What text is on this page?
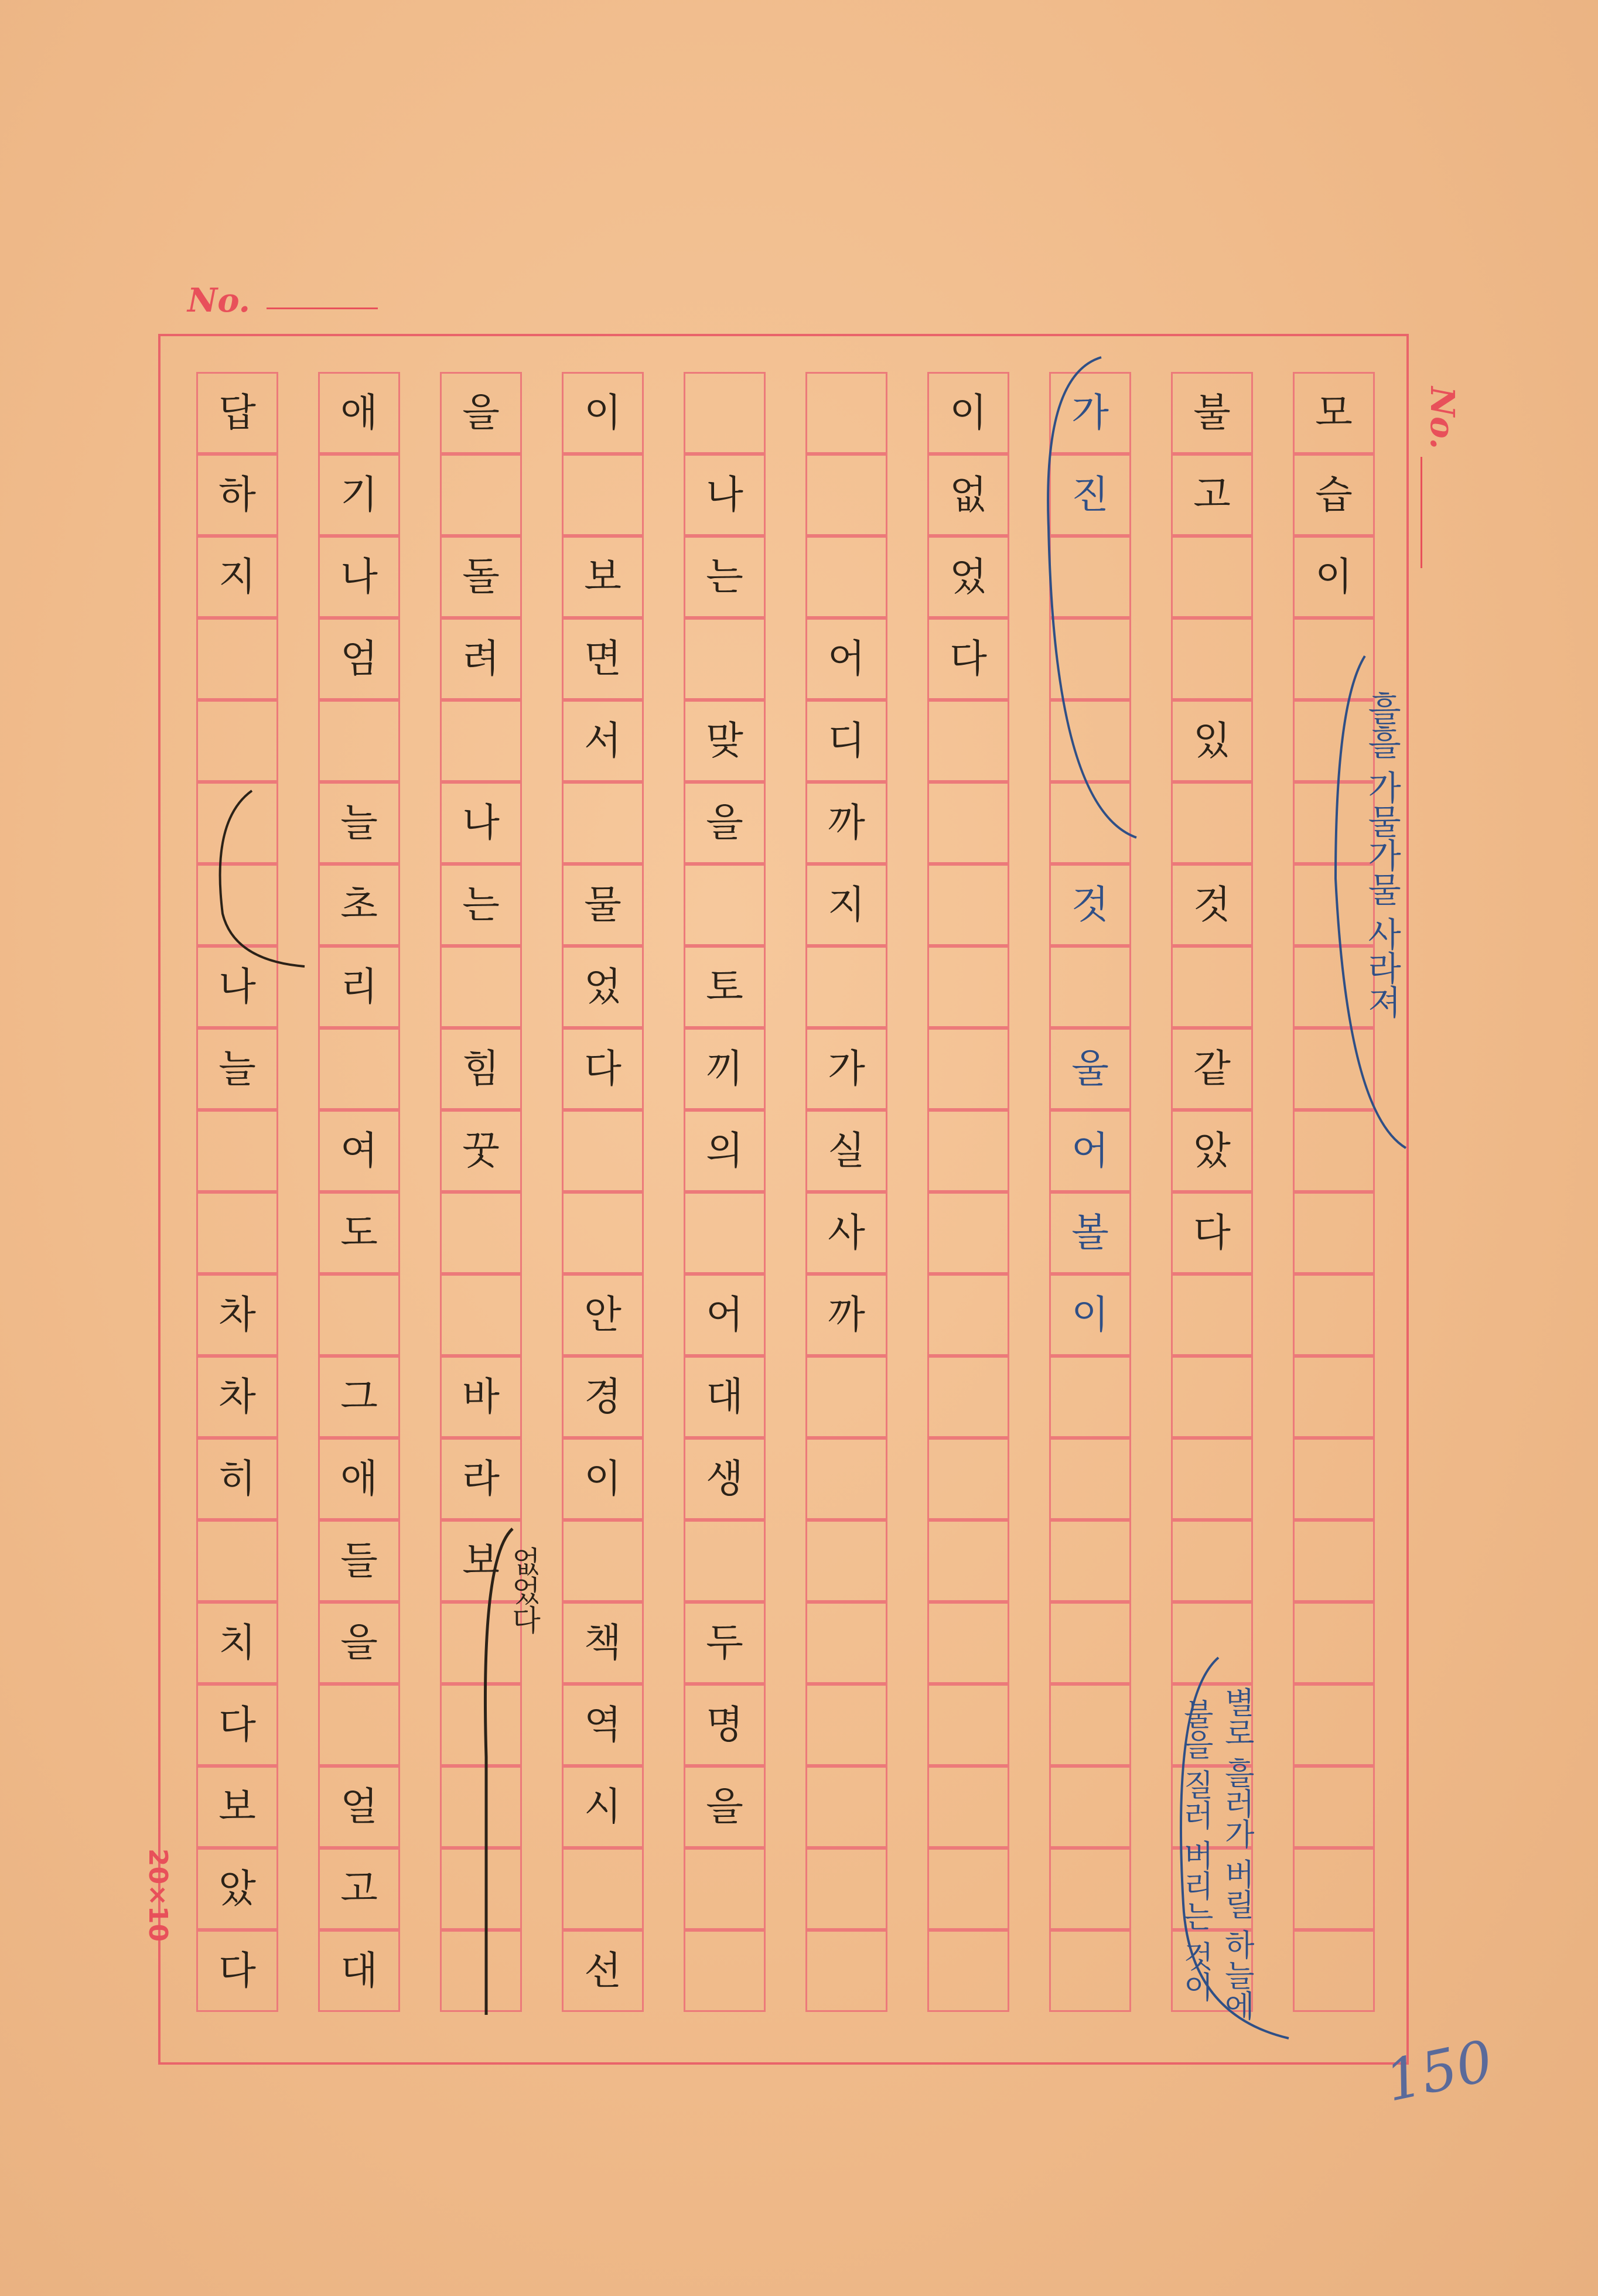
No.
No.
모
습
이
불
고
있
것
같
았
다
가
진
것
울
어
볼
이
이
없
었
다
어
디
까
지
가
실
사
까
나
는
맞
을
토
끼
의
어
대
생
두
명
을
이
보
면
서
물
었
다
안
경
이
책
역
시
선
을
돌
려
나
는
힘
꿋
바
라
보
애
기
나
엄
늘
초
리
여
도
그
애
들
을
얼
고
대
답
하
지
나
늘
차
차
히
치
다
보
았
다
20×10
150
흘흘 가물가물 사라져
불을 질러 버리는 것이 별로 흘러가 버릴 하늘에
없었다
